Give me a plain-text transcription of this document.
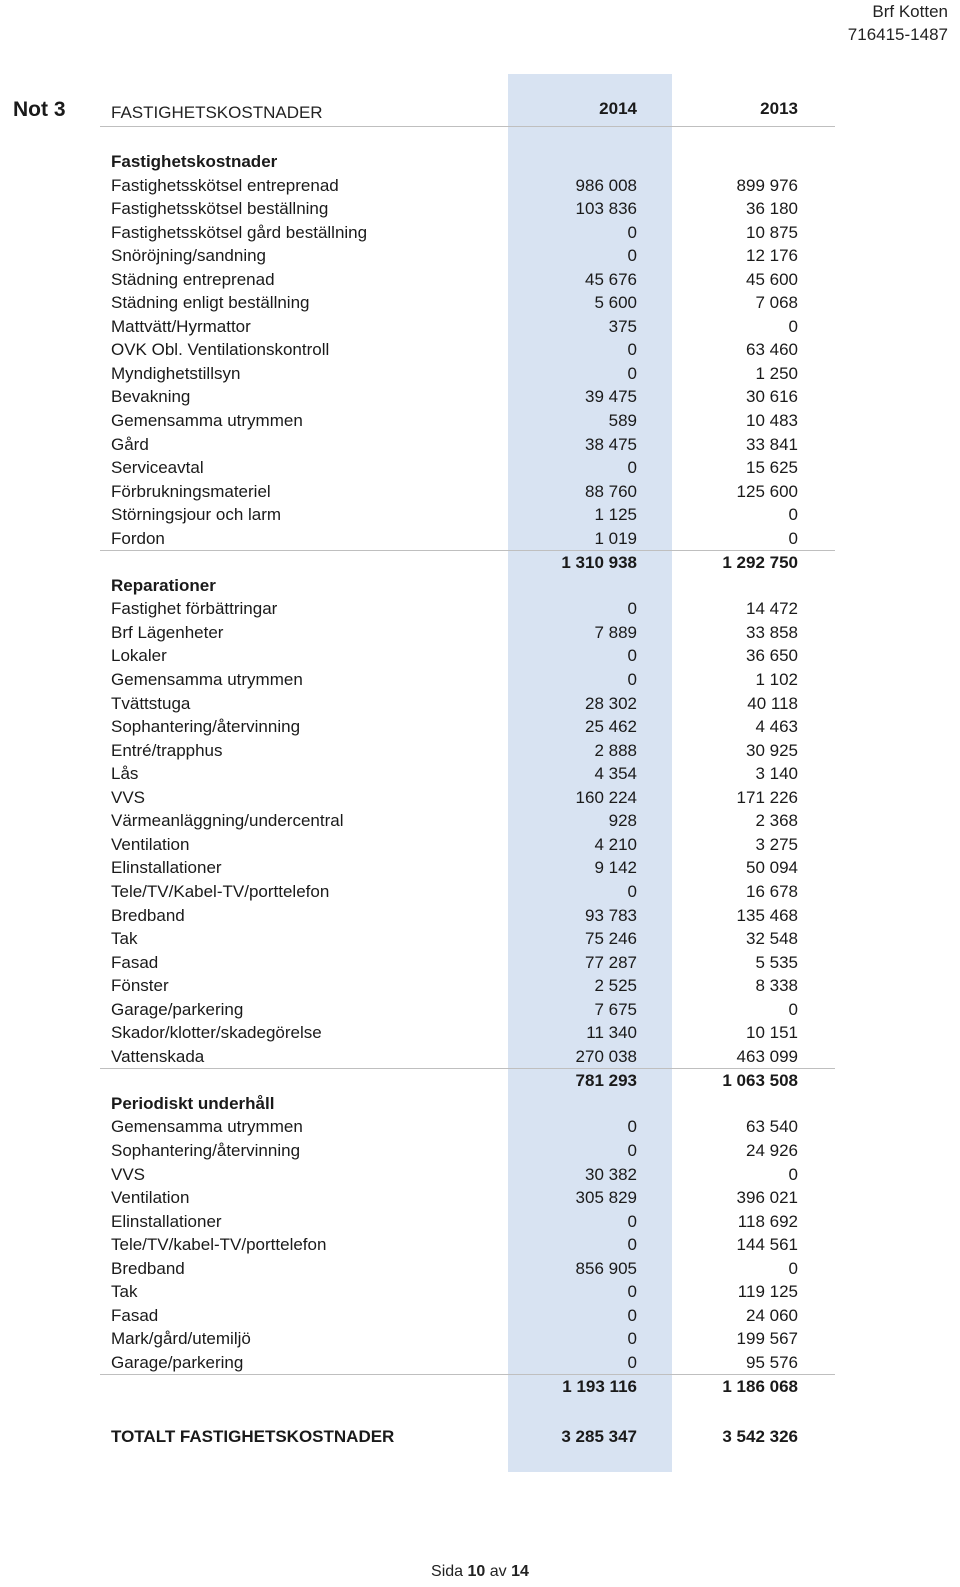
Brf Kotten
716415-1487
Not 3	FASTIGHETSKOSTNADER	2014	2013
Fastighetskostnader
Fastighetsskötsel entreprenad	986 008	899 976
Fastighetsskötsel beställning	103 836	36 180
Fastighetsskötsel gård beställning	0	10 875
Snöröjning/sandning	0	12 176
Städning entreprenad	45 676	45 600
Städning enligt beställning	5 600	7 068
Mattvätt/Hyrmattor	375	0
OVK Obl. Ventilationskontroll	0	63 460
Myndighetstillsyn	0	1 250
Bevakning	39 475	30 616
Gemensamma utrymmen	589	10 483
Gård	38 475	33 841
Serviceavtal	0	15 625
Förbrukningsmateriel	88 760	125 600
Störningsjour och larm	1 125	0
Fordon	1 019	0
1 310 938	1 292 750
Reparationer
Fastighet förbättringar	0	14 472
Brf Lägenheter	7 889	33 858
Lokaler	0	36 650
Gemensamma utrymmen	0	1 102
Tvättstuga	28 302	40 118
Sophantering/återvinning	25 462	4 463
Entré/trapphus	2 888	30 925
Lås	4 354	3 140
VVS	160 224	171 226
Värmeanläggning/undercentral	928	2 368
Ventilation	4 210	3 275
Elinstallationer	9 142	50 094
Tele/TV/Kabel-TV/porttelefon	0	16 678
Bredband	93 783	135 468
Tak	75 246	32 548
Fasad	77 287	5 535
Fönster	2 525	8 338
Garage/parkering	7 675	0
Skador/klotter/skadegörelse	11 340	10 151
Vattenskada	270 038	463 099
781 293	1 063 508
Periodiskt underhåll
Gemensamma utrymmen	0	63 540
Sophantering/återvinning	0	24 926
VVS	30 382	0
Ventilation	305 829	396 021
Elinstallationer	0	118 692
Tele/TV/kabel-TV/porttelefon	0	144 561
Bredband	856 905	0
Tak	0	119 125
Fasad	0	24 060
Mark/gård/utemiljö	0	199 567
Garage/parkering	0	95 576
1 193 116	1 186 068
TOTALT FASTIGHETSKOSTNADER	3 285 347	3 542 326
Sida 10 av 14
